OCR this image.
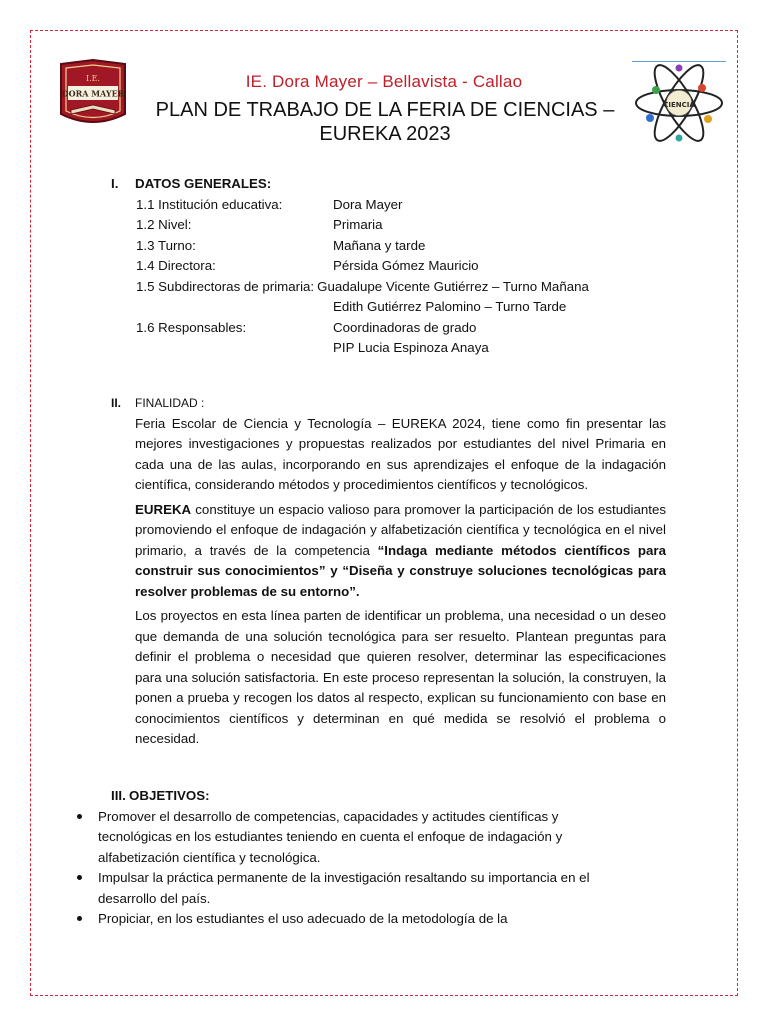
I.E.
DORA MAYER
CIENCIA
IE. Dora Mayer – Bellavista - Callao
PLAN DE TRABAJO DE LA FERIA DE CIENCIAS –
EUREKA 2023
I. DATOS GENERALES:
1.1 Institución educativa:	Dora Mayer
1.2 Nivel:	Primaria
1.3 Turno:	Mañana y tarde
1.4 Directora:	Pérsida Gómez Mauricio
1.5 Subdirectoras de primaria: Guadalupe Vicente Gutiérrez – Turno Mañana
Edith Gutiérrez Palomino – Turno Tarde
1.6 Responsables:	Coordinadoras de grado
PIP Lucia Espinoza Anaya
II. FINALIDAD :
Feria Escolar de Ciencia y Tecnología – EUREKA 2024, tiene como fin presentar las mejores investigaciones y propuestas realizados por estudiantes del nivel Primaria en cada una de las aulas, incorporando en sus aprendizajes el enfoque de la indagación científica, considerando métodos y procedimientos científicos y tecnológicos.
EUREKA constituye un espacio valioso para promover la participación de los estudiantes promoviendo el enfoque de indagación y alfabetización científica y tecnológica en el nivel primario, a través de la competencia “Indaga mediante métodos científicos para construir sus conocimientos” y “Diseña y construye soluciones tecnológicas para resolver problemas de su entorno”.
Los proyectos en esta línea parten de identificar un problema, una necesidad o un deseo que demanda de una solución tecnológica para ser resuelto. Plantean preguntas para definir el problema o necesidad que quieren resolver, determinar las especificaciones para una solución satisfactoria. En este proceso representan la solución, la construyen, la ponen a prueba y recogen los datos al respecto, explican su funcionamiento con base en conocimientos científicos y determinan en qué medida se resolvió el problema o necesidad.
III. OBJETIVOS:
Promover el desarrollo de competencias, capacidades y actitudes científicas y tecnológicas en los estudiantes teniendo en cuenta el enfoque de indagación y alfabetización científica y tecnológica.
Impulsar la práctica permanente de la investigación resaltando su importancia en el desarrollo del país.
Propiciar, en los estudiantes el uso adecuado de la metodología de la
